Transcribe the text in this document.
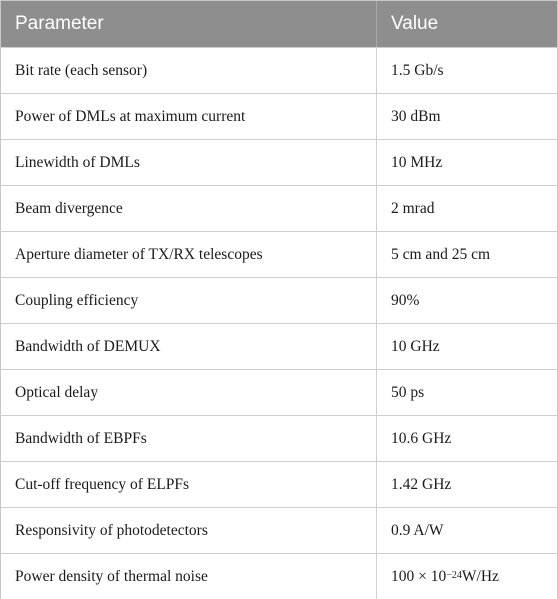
Parameter	Value
Bit rate (each sensor)	1.5 Gb/s
Power of DMLs at maximum current	30 dBm
Linewidth of DMLs	10 MHz
Beam divergence	2 mrad
Aperture diameter of TX/RX telescopes	5 cm and 25 cm
Coupling efficiency	90%
Bandwidth of DEMUX	10 GHz
Optical delay	50 ps
Bandwidth of EBPFs	10.6 GHz
Cut-off frequency of ELPFs	1.42 GHz
Responsivity of photodetectors	0.9 A/W
Power density of thermal noise	$100 \times 10^{-24}$ W/Hz
